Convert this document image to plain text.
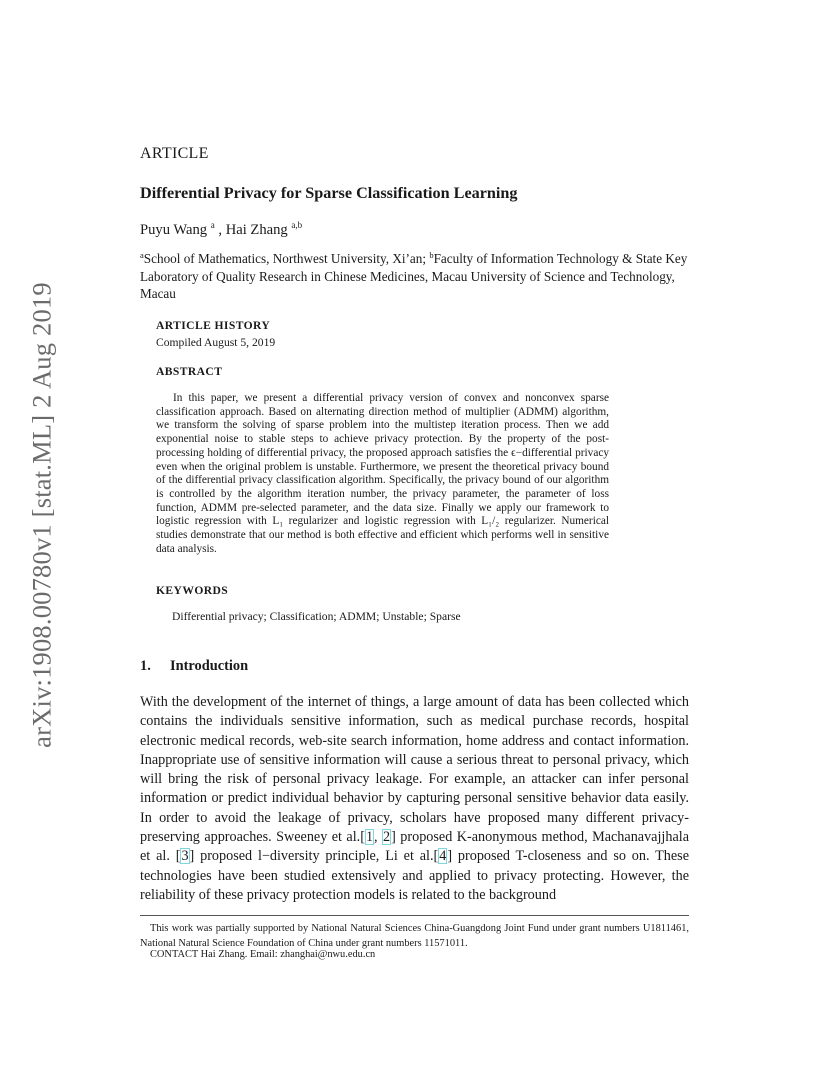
arXiv:1908.00780v1 [stat.ML] 2 Aug 2019
ARTICLE
Differential Privacy for Sparse Classification Learning
Puyu Wang $^a$ , Hai Zhang $^{a,b}$
$^a$School of Mathematics, Northwest University, Xi’an; $^b$Faculty of Information Technology & State Key Laboratory of Quality Research in Chinese Medicines, Macau University of Science and Technology, Macau
ARTICLE HISTORY
Compiled August 5, 2019
ABSTRACT
In this paper, we present a differential privacy version of convex and nonconvex sparse classification approach. Based on alternating direction method of multiplier (ADMM) algorithm, we transform the solving of sparse problem into the multistep iteration process. Then we add exponential noise to stable steps to achieve privacy protection. By the property of the post-processing holding of differential privacy, the proposed approach satisfies the ϵ−differential privacy even when the original problem is unstable. Furthermore, we present the theoretical privacy bound of the differential privacy classification algorithm. Specifically, the privacy bound of our algorithm is controlled by the algorithm iteration number, the privacy parameter, the parameter of loss function, ADMM pre-selected parameter, and the data size. Finally we apply our framework to logistic regression with L₁ regularizer and logistic regression with L₁/₂ regularizer. Numerical studies demonstrate that our method is both effective and efficient which performs well in sensitive data analysis.
KEYWORDS
Differential privacy; Classification; ADMM; Unstable; Sparse
1. Introduction
With the development of the internet of things, a large amount of data has been collected which contains the individuals sensitive information, such as medical purchase records, hospital electronic medical records, web-site search information, home address and contact information. Inappropriate use of sensitive information will cause a serious threat to personal privacy, which will bring the risk of personal privacy leakage. For example, an attacker can infer personal information or predict individual behavior by capturing personal sensitive behavior data easily. In order to avoid the leakage of privacy, scholars have proposed many different privacy-preserving approaches. Sweeney et al.[1, 2] proposed K-anonymous method, Machanavajjhala et al. [3] proposed l−diversity principle, Li et al.[4] proposed T-closeness and so on. These technologies have been studied extensively and applied to privacy protecting. However, the reliability of these privacy protection models is related to the background
This work was partially supported by National Natural Sciences China-Guangdong Joint Fund under grant numbers U1811461, National Natural Science Foundation of China under grant numbers 11571011.
CONTACT Hai Zhang. Email: zhanghai@nwu.edu.cn
